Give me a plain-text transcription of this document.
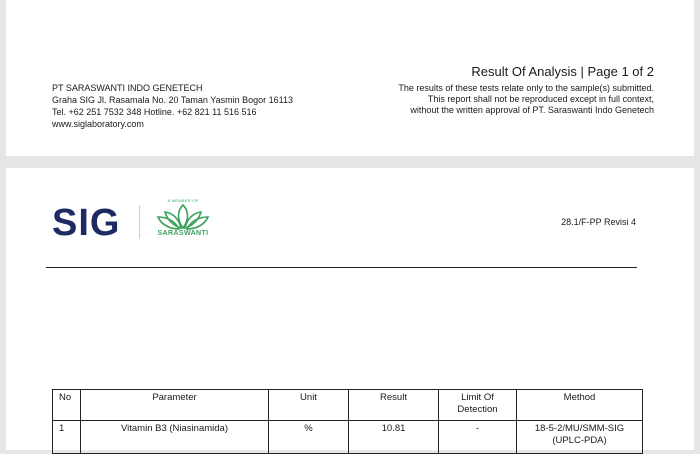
PT SARASWANTI INDO GENETECH
Graha SIG Jl. Rasamala No. 20 Taman Yasmin Bogor 16113
Tel. +62 251 7532 348 Hotline. +62 821 11 516 516
www.siglaboratory.com
Result Of Analysis | Page 1 of 2
The results of these tests relate only to the sample(s) submitted.
This report shall not be reproduced except in full context,
without the written approval of PT. Saraswanti Indo Genetech
SIG
A MEMBER OF
SARASWANTI
28.1/F-PP Revisi 4
No	Parameter	Unit	Result	Limit Of Detection	Method
1	Vitamin B3 (Niasinamida)	%	10.81	-	18-5-2/MU/SMM-SIG (UPLC-PDA)
